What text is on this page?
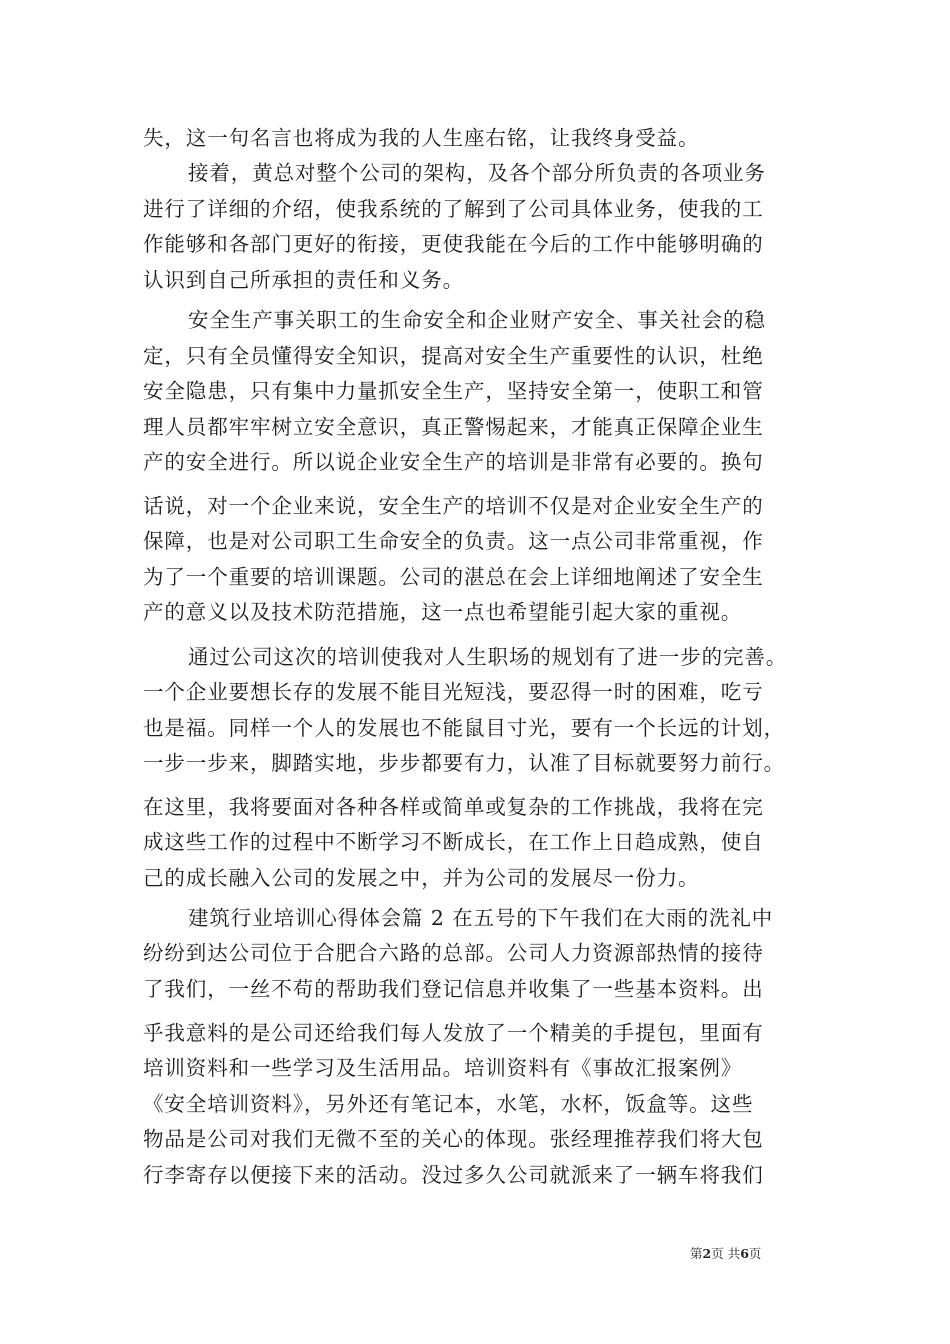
失，这一句名言也将成为我的人生座右铭，让我终身受益。
接着，黄总对整个公司的架构，及各个部分所负责的各项业务
进行了详细的介绍，使我系统的了解到了公司具体业务，使我的工
作能够和各部门更好的衔接，更使我能在今后的工作中能够明确的
认识到自己所承担的责任和义务。
安全生产事关职工的生命安全和企业财产安全、事关社会的稳
定，只有全员懂得安全知识，提高对安全生产重要性的认识，杜绝
安全隐患，只有集中力量抓安全生产，坚持安全第一，使职工和管
理人员都牢牢树立安全意识，真正警惕起来，才能真正保障企业生
产的安全进行。所以说企业安全生产的培训是非常有必要的。换句
话说，对一个企业来说，安全生产的培训不仅是对企业安全生产的
保障，也是对公司职工生命安全的负责。这一点公司非常重视，作
为了一个重要的培训课题。公司的湛总在会上详细地阐述了安全生
产的意义以及技术防范措施，这一点也希望能引起大家的重视。
通过公司这次的培训使我对人生职场的规划有了进一步的完善。
一个企业要想长存的发展不能目光短浅，要忍得一时的困难，吃亏
也是福。同样一个人的发展也不能鼠目寸光，要有一个长远的计划，
一步一步来，脚踏实地，步步都要有力，认准了目标就要努力前行。
在这里，我将要面对各种各样或简单或复杂的工作挑战，我将在完
成这些工作的过程中不断学习不断成长，在工作上日趋成熟，使自
己的成长融入公司的发展之中，并为公司的发展尽一份力。
建筑行业培训心得体会篇 2 在五号的下午我们在大雨的洗礼中
纷纷到达公司位于合肥合六路的总部。公司人力资源部热情的接待
了我们，一丝不苟的帮助我们登记信息并收集了一些基本资料。出
乎我意料的是公司还给我们每人发放了一个精美的手提包，里面有
培训资料和一些学习及生活用品。培训资料有《事故汇报案例》
《安全培训资料》，另外还有笔记本，水笔，水杯，饭盒等。这些
物品是公司对我们无微不至的关心的体现。张经理推荐我们将大包
行李寄存以便接下来的活动。没过多久公司就派来了一辆车将我们
第2页 共6页
